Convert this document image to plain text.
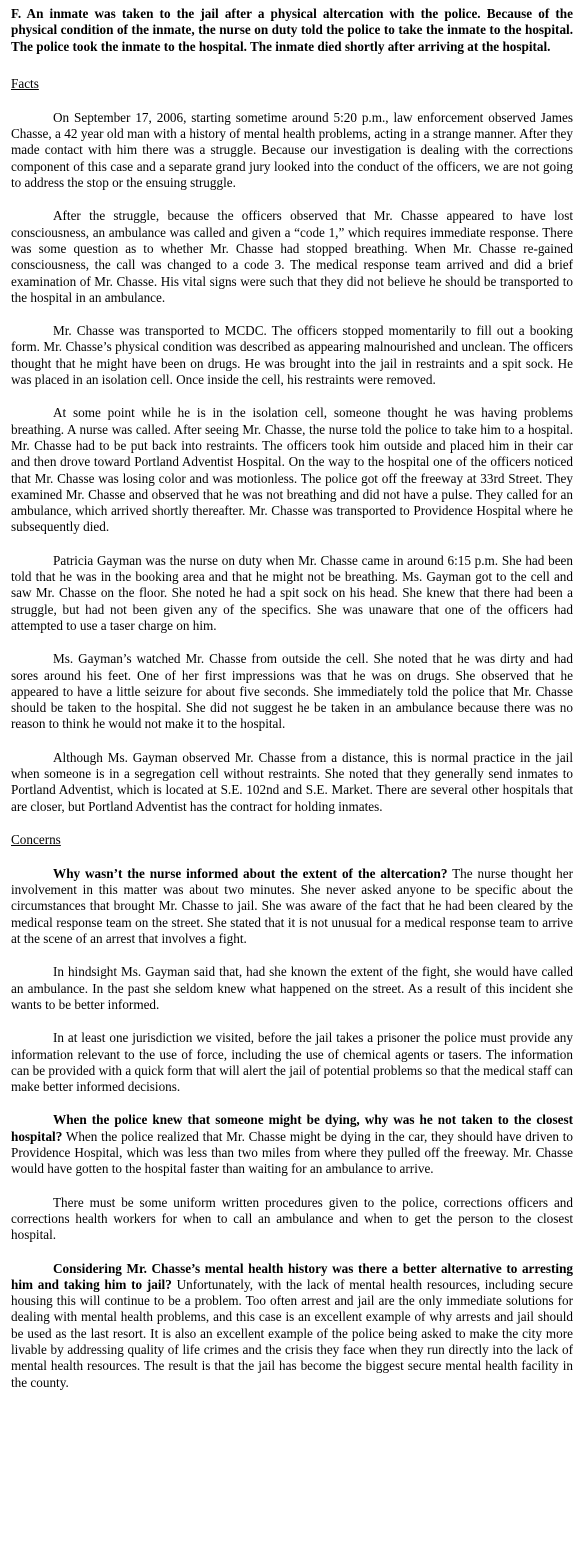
F. An inmate was taken to the jail after a physical altercation with the police. Because of the physical condition of the inmate, the nurse on duty told the police to take the inmate to the hospital. The police took the inmate to the hospital. The inmate died shortly after arriving at the hospital.
Facts

On September 17, 2006, starting sometime around 5:20 p.m., law enforcement observed James Chasse, a 42 year old man with a history of mental health problems, acting in a strange manner. After they made contact with him there was a struggle. Because our investigation is dealing with the corrections component of this case and a separate grand jury looked into the conduct of the officers, we are not going to address the stop or the ensuing struggle.

After the struggle, because the officers observed that Mr. Chasse appeared to have lost consciousness, an ambulance was called and given a “code 1,” which requires immediate response. There was some question as to whether Mr. Chasse had stopped breathing. When Mr. Chasse re-gained consciousness, the call was changed to a code 3. The medical response team arrived and did a brief examination of Mr. Chasse. His vital signs were such that they did not believe he should be transported to the hospital in an ambulance.

Mr. Chasse was transported to MCDC. The officers stopped momentarily to fill out a booking form. Mr. Chasse’s physical condition was described as appearing malnourished and unclean. The officers thought that he might have been on drugs. He was brought into the jail in restraints and a spit sock. He was placed in an isolation cell. Once inside the cell, his restraints were removed.

At some point while he is in the isolation cell, someone thought he was having problems breathing. A nurse was called. After seeing Mr. Chasse, the nurse told the police to take him to a hospital. Mr. Chasse had to be put back into restraints. The officers took him outside and placed him in their car and then drove toward Portland Adventist Hospital. On the way to the hospital one of the officers noticed that Mr. Chasse was losing color and was motionless. The police got off the freeway at 33rd Street. They examined Mr. Chasse and observed that he was not breathing and did not have a pulse. They called for an ambulance, which arrived shortly thereafter. Mr. Chasse was transported to Providence Hospital where he subsequently died.

Patricia Gayman was the nurse on duty when Mr. Chasse came in around 6:15 p.m. She had been told that he was in the booking area and that he might not be breathing. Ms. Gayman got to the cell and saw Mr. Chasse on the floor. She noted he had a spit sock on his head. She knew that there had been a struggle, but had not been given any of the specifics. She was unaware that one of the officers had attempted to use a taser charge on him.

Ms. Gayman’s watched Mr. Chasse from outside the cell. She noted that he was dirty and had sores around his feet. One of her first impressions was that he was on drugs. She observed that he appeared to have a little seizure for about five seconds. She immediately told the police that Mr. Chasse should be taken to the hospital. She did not suggest he be taken in an ambulance because there was no reason to think he would not make it to the hospital.

Although Ms. Gayman observed Mr. Chasse from a distance, this is normal practice in the jail when someone is in a segregation cell without restraints. She noted that they generally send inmates to Portland Adventist, which is located at S.E. 102nd and S.E. Market. There are several other hospitals that are closer, but Portland Adventist has the contract for holding inmates.

Concerns

Why wasn’t the nurse informed about the extent of the altercation? The nurse thought her involvement in this matter was about two minutes. She never asked anyone to be specific about the circumstances that brought Mr. Chasse to jail. She was aware of the fact that he had been cleared by the medical response team on the street. She stated that it is not unusual for a medical response team to arrive at the scene of an arrest that involves a fight.

In hindsight Ms. Gayman said that, had she known the extent of the fight, she would have called an ambulance. In the past she seldom knew what happened on the street. As a result of this incident she wants to be better informed.

In at least one jurisdiction we visited, before the jail takes a prisoner the police must provide any information relevant to the use of force, including the use of chemical agents or tasers. The information can be provided with a quick form that will alert the jail of potential problems so that the medical staff can make better informed decisions.

When the police knew that someone might be dying, why was he not taken to the closest hospital? When the police realized that Mr. Chasse might be dying in the car, they should have driven to Providence Hospital, which was less than two miles from where they pulled off the freeway. Mr. Chasse would have gotten to the hospital faster than waiting for an ambulance to arrive.

There must be some uniform written procedures given to the police, corrections officers and corrections health workers for when to call an ambulance and when to get the person to the closest hospital.

Considering Mr. Chasse’s mental health history was there a better alternative to arresting him and taking him to jail? Unfortunately, with the lack of mental health resources, including secure housing this will continue to be a problem. Too often arrest and jail are the only immediate solutions for dealing with mental health problems, and this case is an excellent example of why arrests and jail should be used as the last resort. It is also an excellent example of the police being asked to make the city more livable by addressing quality of life crimes and the crisis they face when they run directly into the lack of mental health resources. The result is that the jail has become the biggest secure mental health facility in the county.
